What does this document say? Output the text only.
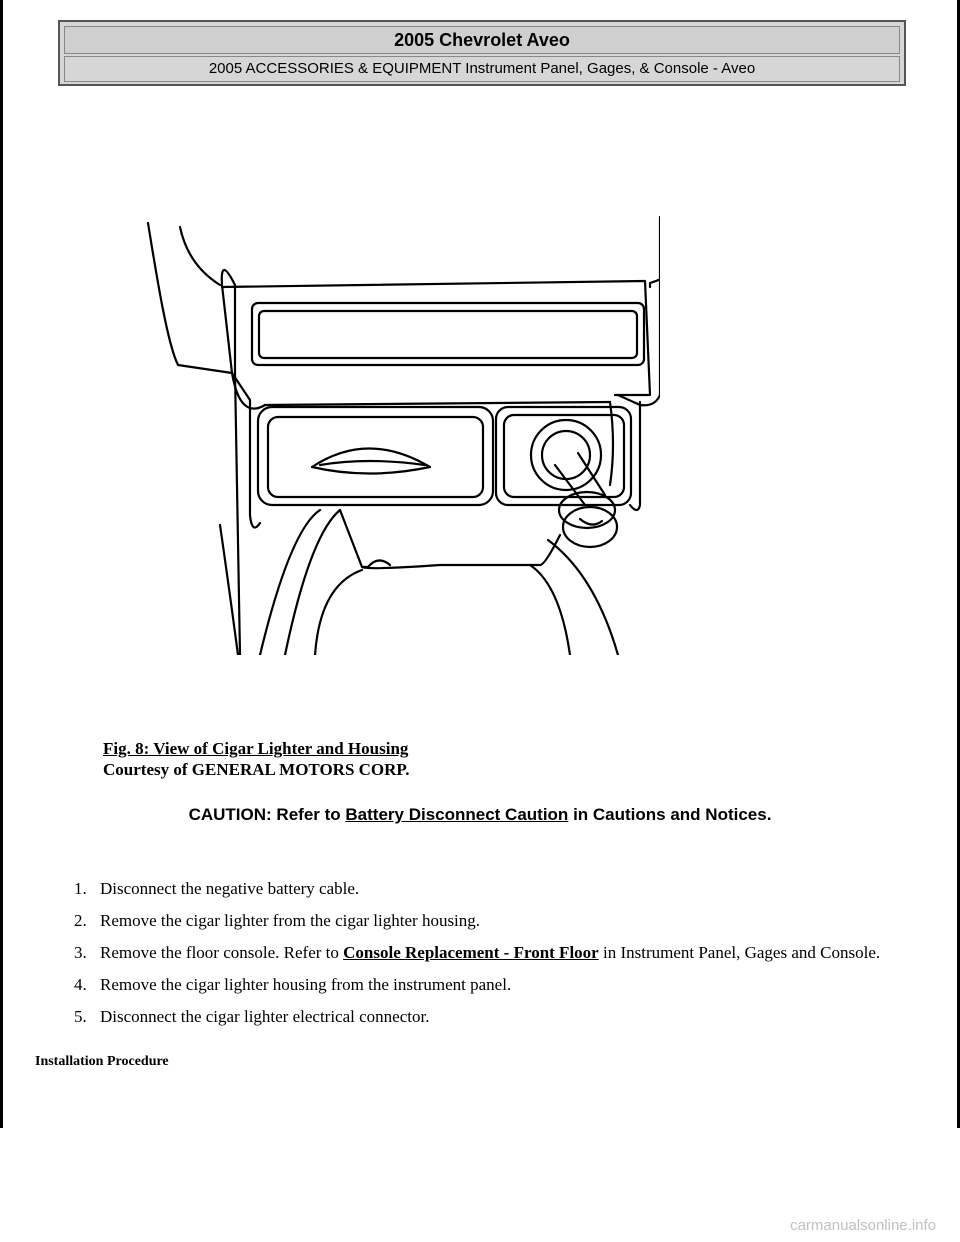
2005 Chevrolet Aveo
2005 ACCESSORIES & EQUIPMENT Instrument Panel, Gages, & Console - Aveo
Fig. 8: View of Cigar Lighter and Housing
Courtesy of GENERAL MOTORS CORP.
CAUTION: Refer to Battery Disconnect Caution in Cautions and Notices.
1. Disconnect the negative battery cable.
2. Remove the cigar lighter from the cigar lighter housing.
3. Remove the floor console. Refer to Console Replacement - Front Floor in Instrument Panel, Gages and Console.
4. Remove the cigar lighter housing from the instrument panel.
5. Disconnect the cigar lighter electrical connector.
Installation Procedure
carmanualsonline.info
